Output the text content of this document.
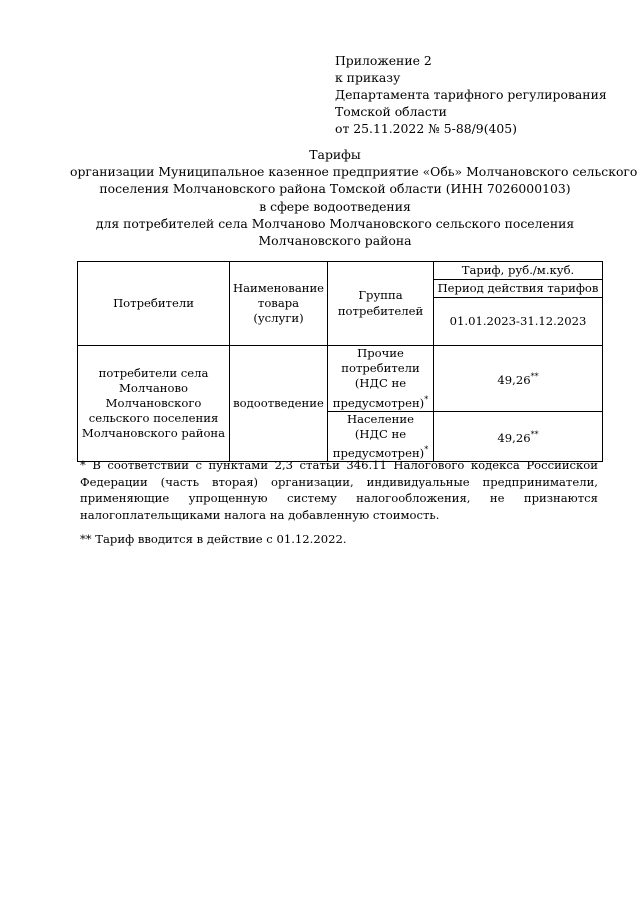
Приложение 2
к приказу
Департамента тарифного регулирования
Томской области
от 25.11.2022 № 5-88/9(405)
Тарифы
организации Муниципальное казенное предприятие «Обь» Молчановского сельского
поселения Молчановского района Томской области (ИНН 7026000103)
в сфере водоотведения
для потребителей села Молчаново Молчановского сельского поселения
Молчановского района
Потребители	Наименование товара (услуги)	Группа потребителей	Тариф, руб./м.куб.
			Период действия тарифов
			01.01.2023-31.12.2023
потребители села Молчаново Молчановского сельского поселения Молчановского района	водоотведение	Прочие потребители (НДС не предусмотрен)*	49,26**
		Население (НДС не предусмотрен)*	49,26**

* В соответствии с пунктами 2,3 статьи 346.11 Налогового кодекса Российской Федерации (часть вторая) организации, индивидуальные предприниматели, применяющие упрощенную систему налогообложения, не признаются налогоплательщиками налога на добавленную стоимость.

** Тариф вводится в действие с 01.12.2022.
